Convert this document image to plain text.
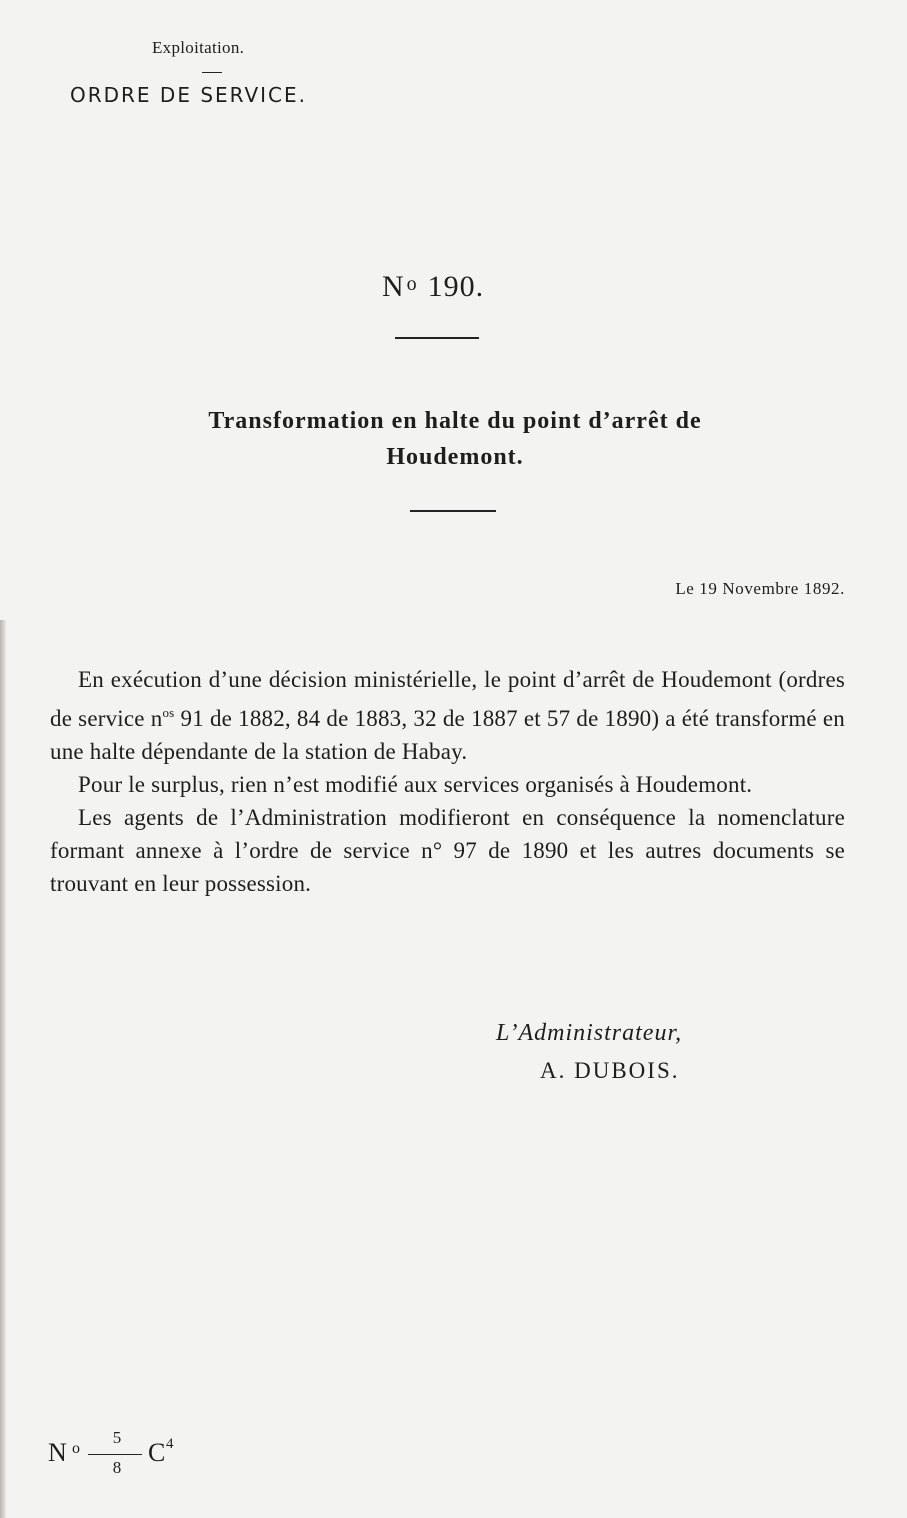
Exploitation.
ORDRE DE SERVICE.
N $^o$ 190.
Transformation en halte du point d’arrêt de
Houdemont.
Le 19 Novembre 1892.

En exécution d’une décision ministérielle, le point d’arrêt de Houdemont (ordres de service $n^{os}$ 91 de 1882, 84 de 1883, 32 de 1887 et 57 de 1890) a été transformé en une halte dépendante de la station de Habay.

Pour le surplus, rien n’est modifié aux services organisés à Houdemont.

Les agents de l’Administration modifieront en conséquence la nomenclature formant annexe à l’ordre de service n° 97 de 1890 et les autres documents se trouvant en leur possession.

L’Administrateur,
A. DUBOIS.
N o
5
8
C 4
